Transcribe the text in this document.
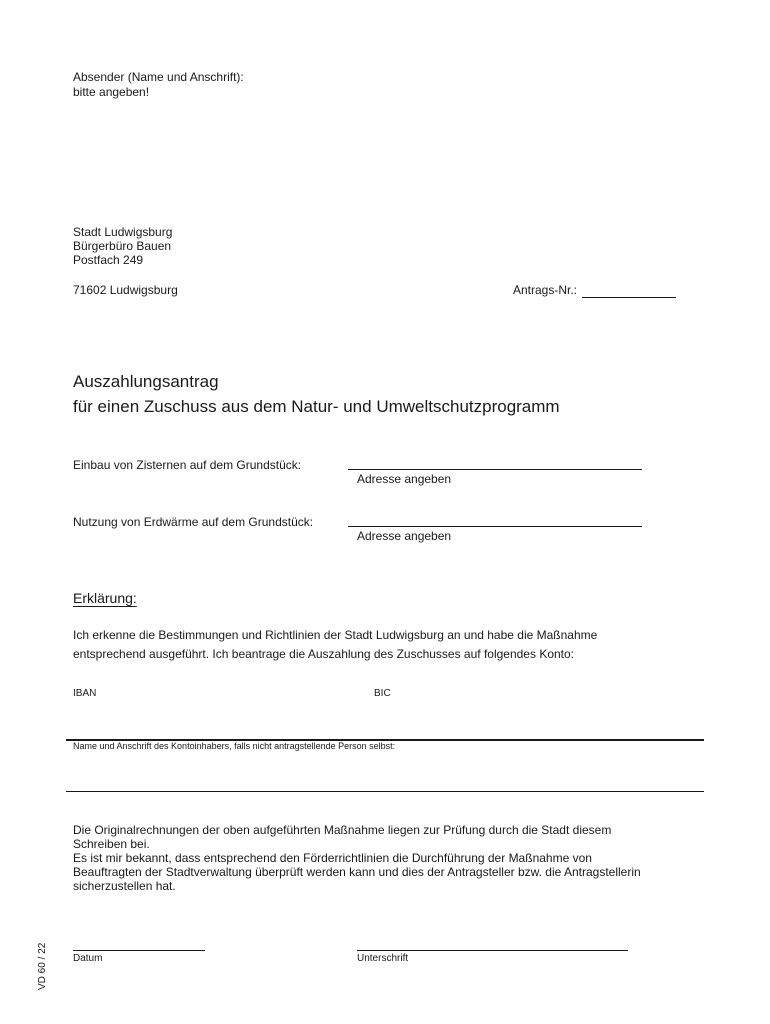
Absender (Name und Anschrift):
bitte angeben!
Stadt Ludwigsburg
Bürgerbüro Bauen
Postfach 249
71602 Ludwigsburg	Antrags-Nr.:
Auszahlungsantrag
für einen Zuschuss aus dem Natur- und Umweltschutzprogramm
Einbau von Zisternen auf dem Grundstück:
Adresse angeben
Nutzung von Erdwärme auf dem Grundstück:
Adresse angeben
Erklärung:
Ich erkenne die Bestimmungen und Richtlinien der Stadt Ludwigsburg an und habe die Maßnahme
entsprechend ausgeführt. Ich beantrage die Auszahlung des Zuschusses auf folgendes Konto:
IBAN	BIC
Name und Anschrift des Kontoinhabers, falls nicht antragstellende Person selbst:
Die Originalrechnungen der oben aufgeführten Maßnahme liegen zur Prüfung durch die Stadt diesem
Schreiben bei.
Es ist mir bekannt, dass entsprechend den Förderrichtlinien die Durchführung der Maßnahme von
Beauftragten der Stadtverwaltung überprüft werden kann und dies der Antragsteller bzw. die Antragstellerin
sicherzustellen hat.
Datum	Unterschrift
VD 60 / 22
